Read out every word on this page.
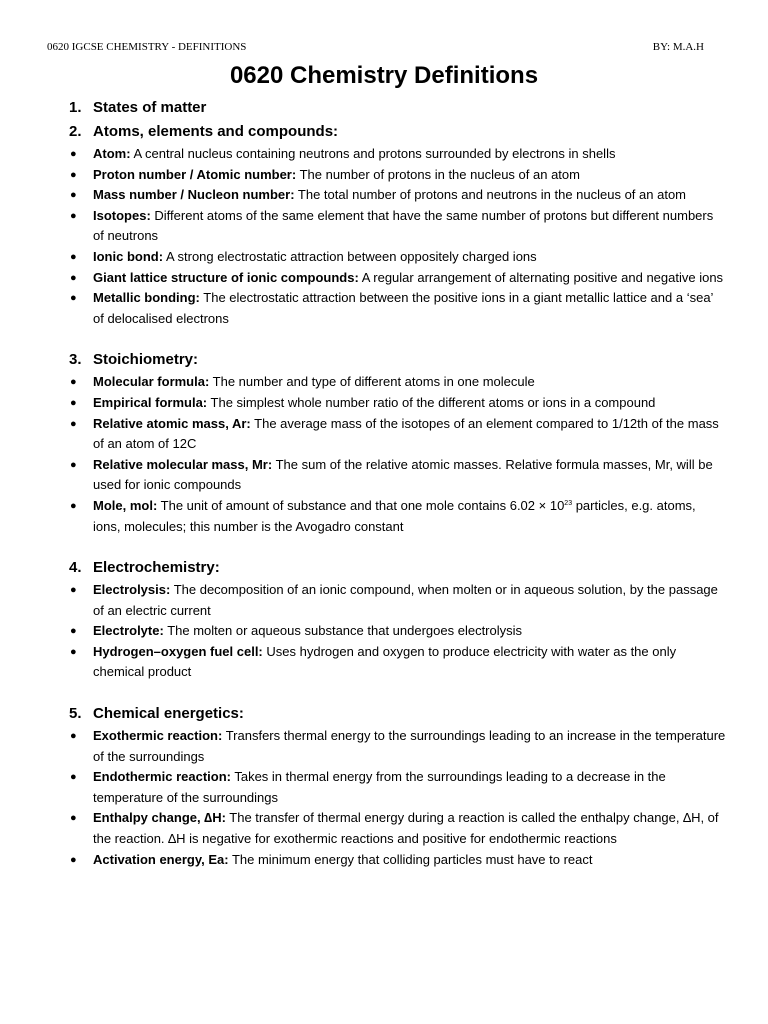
0620 IGCSE CHEMISTRY - DEFINITIONS	BY: M.A.H
0620 Chemistry Definitions
1. States of matter
2. Atoms, elements and compounds:
● Atom: A central nucleus containing neutrons and protons surrounded by electrons in shells
● Proton number / Atomic number: The number of protons in the nucleus of an atom
● Mass number / Nucleon number: The total number of protons and neutrons in the nucleus of an atom
● Isotopes: Different atoms of the same element that have the same number of protons but different numbers of neutrons
● Ionic bond: A strong electrostatic attraction between oppositely charged ions
● Giant lattice structure of ionic compounds: A regular arrangement of alternating positive and negative ions
● Metallic bonding: The electrostatic attraction between the positive ions in a giant metallic lattice and a ‘sea’ of delocalised electrons
3. Stoichiometry:
● Molecular formula: The number and type of different atoms in one molecule
● Empirical formula: The simplest whole number ratio of the different atoms or ions in a compound
● Relative atomic mass, Ar: The average mass of the isotopes of an element compared to 1/12th of the mass of an atom of 12C
● Relative molecular mass, Mr: The sum of the relative atomic masses. Relative formula masses, Mr, will be used for ionic compounds
● Mole, mol: The unit of amount of substance and that one mole contains $6.02 \times 10^{23}$ particles, e.g. atoms, ions, molecules; this number is the Avogadro constant
4. Electrochemistry:
● Electrolysis: The decomposition of an ionic compound, when molten or in aqueous solution, by the passage of an electric current
● Electrolyte: The molten or aqueous substance that undergoes electrolysis
● Hydrogen–oxygen fuel cell: Uses hydrogen and oxygen to produce electricity with water as the only chemical product
5. Chemical energetics:
● Exothermic reaction: Transfers thermal energy to the surroundings leading to an increase in the temperature of the surroundings
● Endothermic reaction: Takes in thermal energy from the surroundings leading to a decrease in the temperature of the surroundings
● Enthalpy change, ∆H: The transfer of thermal energy during a reaction is called the enthalpy change, ∆H, of the reaction. ∆H is negative for exothermic reactions and positive for endothermic reactions
● Activation energy, Ea: The minimum energy that colliding particles must have to react
